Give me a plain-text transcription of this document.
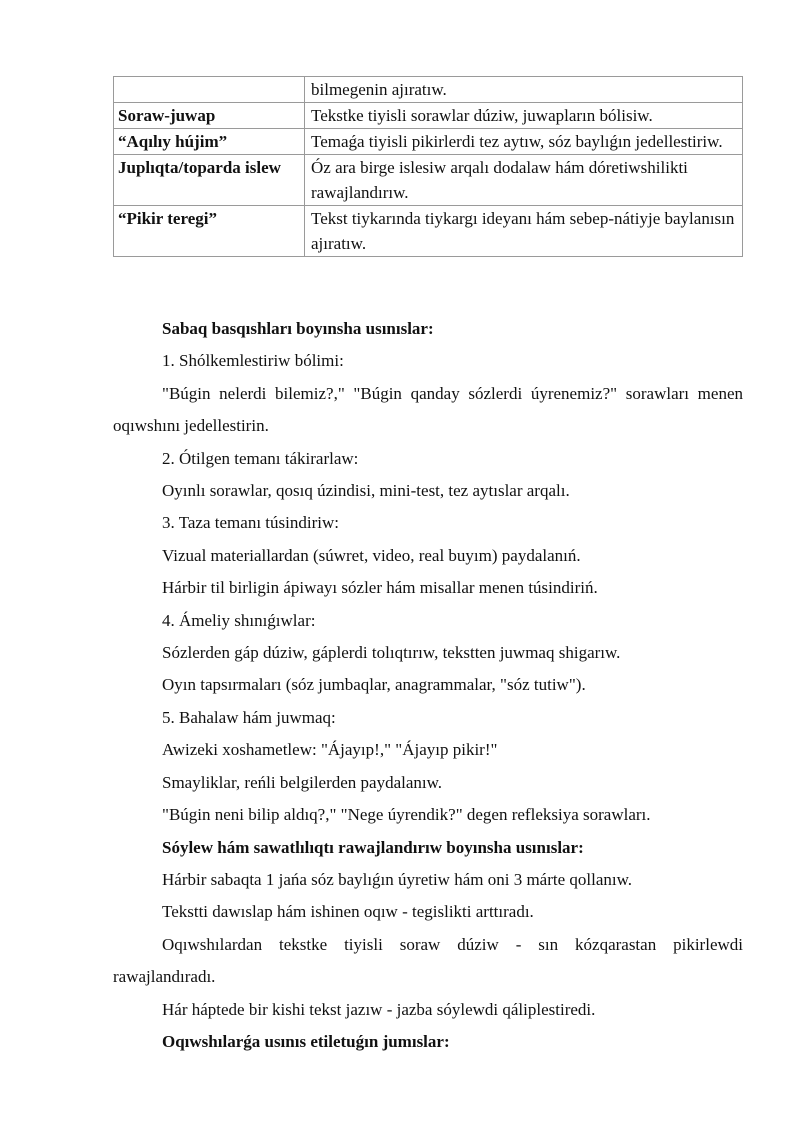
	bilmegenin ajıratıw.
Soraw-juwap	Tekstke tiyisli sorawlar dúziw, juwapların bólisiw.
“Aqılıy hújim”	Temaǵa tiyisli pikirlerdi tez aytıw, sóz baylıǵın jedellestiriw.
Juplıqta/toparda islew	Óz ara birge islesiw arqalı dodalaw hám dóretiwshilikti rawajlandırıw.
“Pikir teregi”	Tekst tiykarında tiykargı ideyanı hám sebep-nátiyje baylanısın ajıratıw.

Sabaq basqıshları boyınsha usınıslar:

1. Shólkemlestiriw bólimi:

"Búgin nelerdi bilemiz?," "Búgin qanday sózlerdi úyrenemiz?" sorawları menen oqıwshını jedellestirin.

2. Ótilgen temanı tákirarlaw:

Oyınlı sorawlar, qosıq úzindisi, mini-test, tez aytıslar arqalı.

3. Taza temanı túsindiriw:

Vizual materiallardan (súwret, video, real buyım) paydalanıń.

Hárbir til birligin ápiwayı sózler hám misallar menen túsindiriń.

4. Ámeliy shınıǵıwlar:

Sózlerden gáp dúziw, gáplerdi tolıqtırıw, tekstten juwmaq shigarıw.

Oyın tapsırmaları (sóz jumbaqlar, anagrammalar, "sóz tutiw").

5. Bahalaw hám juwmaq:

Awizeki xoshametlew: "Ájayıp!," "Ájayıp pikir!"

Smayliklar, reńli belgilerden paydalanıw.

"Búgin neni bilip aldıq?," "Nege úyrendik?" degen refleksiya sorawları.

Sóylew hám sawatlılıqtı rawajlandırıw boyınsha usınıslar:

Hárbir sabaqta 1 jańa sóz baylıǵın úyretiw hám oni 3 márte qollanıw.

Tekstti dawıslap hám ishinen oqıw - tegislikti arttıradı.

Oqıwshılardan tekstke tiyisli soraw dúziw - sın kózqarastan pikirlewdi rawajlandıradı.

Hár háptede bir kishi tekst jazıw - jazba sóylewdi qáliplestiredi.

Oqıwshılarǵa usınıs etiletuǵın jumıslar:
